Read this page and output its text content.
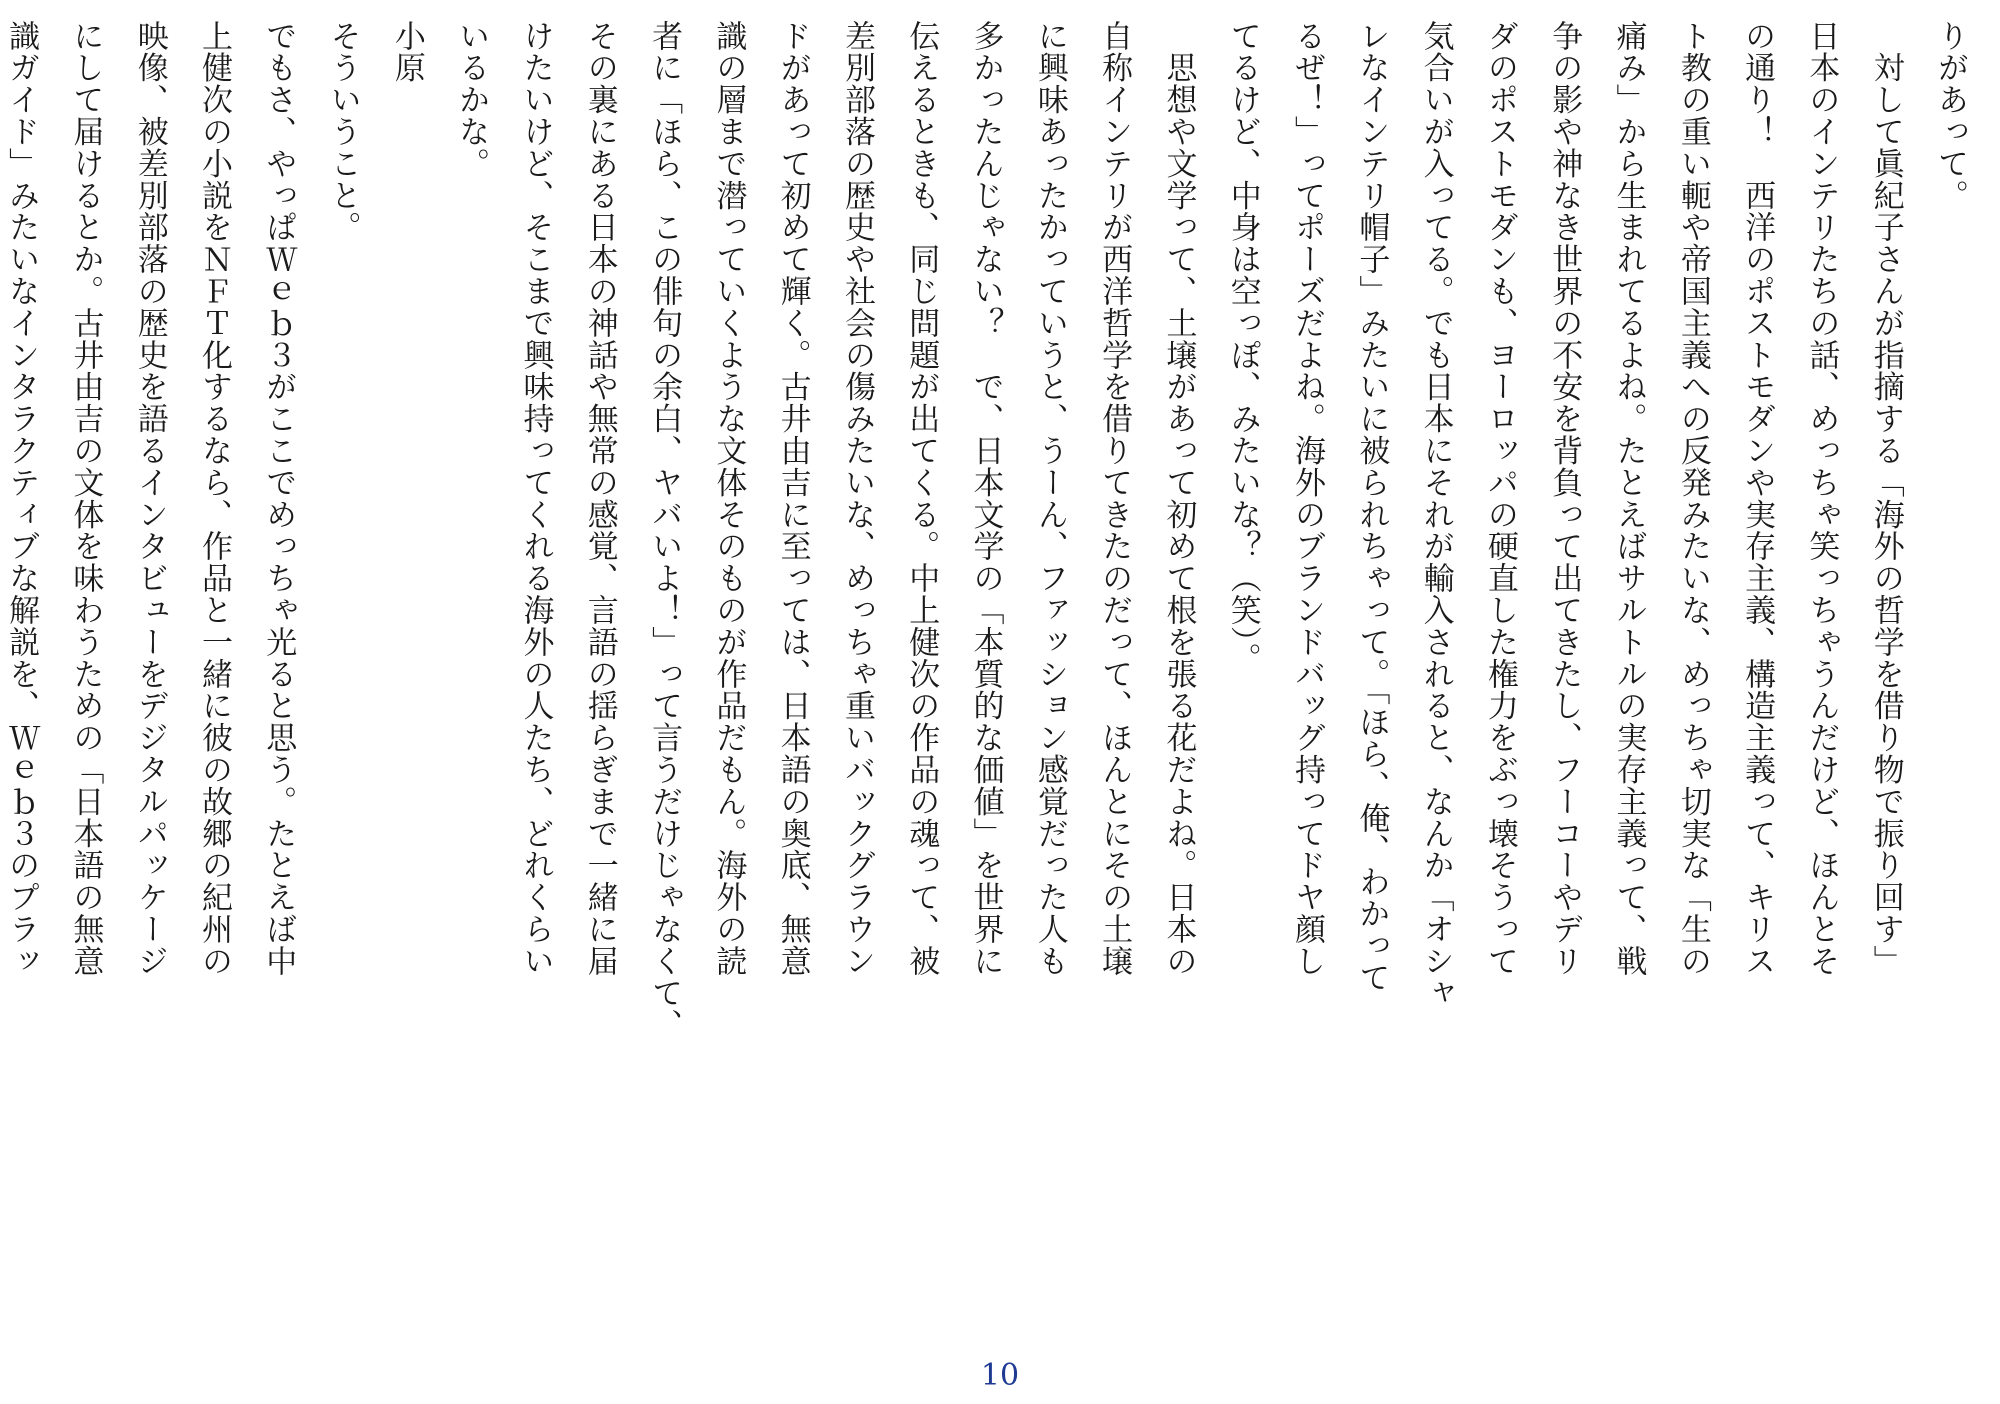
りがあって。
　対して眞紀子さんが指摘する「海外の哲学を借り物で振り回す」
日本のインテリたちの話、めっちゃ笑っちゃうんだけど、ほんとそ
の通り！　西洋のポストモダンや実存主義、構造主義って、キリス
ト教の重い軛や帝国主義への反発みたいな、めっちゃ切実な「生の
痛み」から生まれてるよね。たとえばサルトルの実存主義って、戦
争の影や神なき世界の不安を背負って出てきたし、フーコーやデリ
ダのポストモダンも、ヨーロッパの硬直した権力をぶっ壊そうって
気合いが入ってる。でも日本にそれが輸入されると、なんか「オシャ
レなインテリ帽子」みたいに被られちゃって。「ほら、俺、わかって
るぜ！」ってポーズだよね。海外のブランドバッグ持ってドヤ顔し
てるけど、中身は空っぽ、みたいな？（笑）。
　思想や文学って、土壌があって初めて根を張る花だよね。日本の
自称インテリが西洋哲学を借りてきたのだって、ほんとにその土壌
に興味あったかっていうと、うーん、ファッション感覚だった人も
多かったんじゃない？　で、日本文学の「本質的な価値」を世界に
伝えるときも、同じ問題が出てくる。中上健次の作品の魂って、被
差別部落の歴史や社会の傷みたいな、めっちゃ重いバックグラウン
ドがあって初めて輝く。古井由吉に至っては、日本語の奥底、無意
識の層まで潜っていくような文体そのものが作品だもん。海外の読
者に「ほら、この俳句の余白、ヤバいよ！」って言うだけじゃなくて、
その裏にある日本の神話や無常の感覚、言語の揺らぎまで一緒に届
けたいけど、そこまで興味持ってくれる海外の人たち、どれくらい
いるかな。
小原
そういうこと。
でもさ、やっぱＷｅｂ３がここでめっちゃ光ると思う。たとえば中
上健次の小説をＮＦＴ化するなら、作品と一緒に彼の故郷の紀州の
映像、被差別部落の歴史を語るインタビューをデジタルパッケージ
にして届けるとか。古井由吉の文体を味わうための「日本語の無意
識ガイド」みたいなインタラクティブな解説を、Ｗｅｂ３のプラッ
10
